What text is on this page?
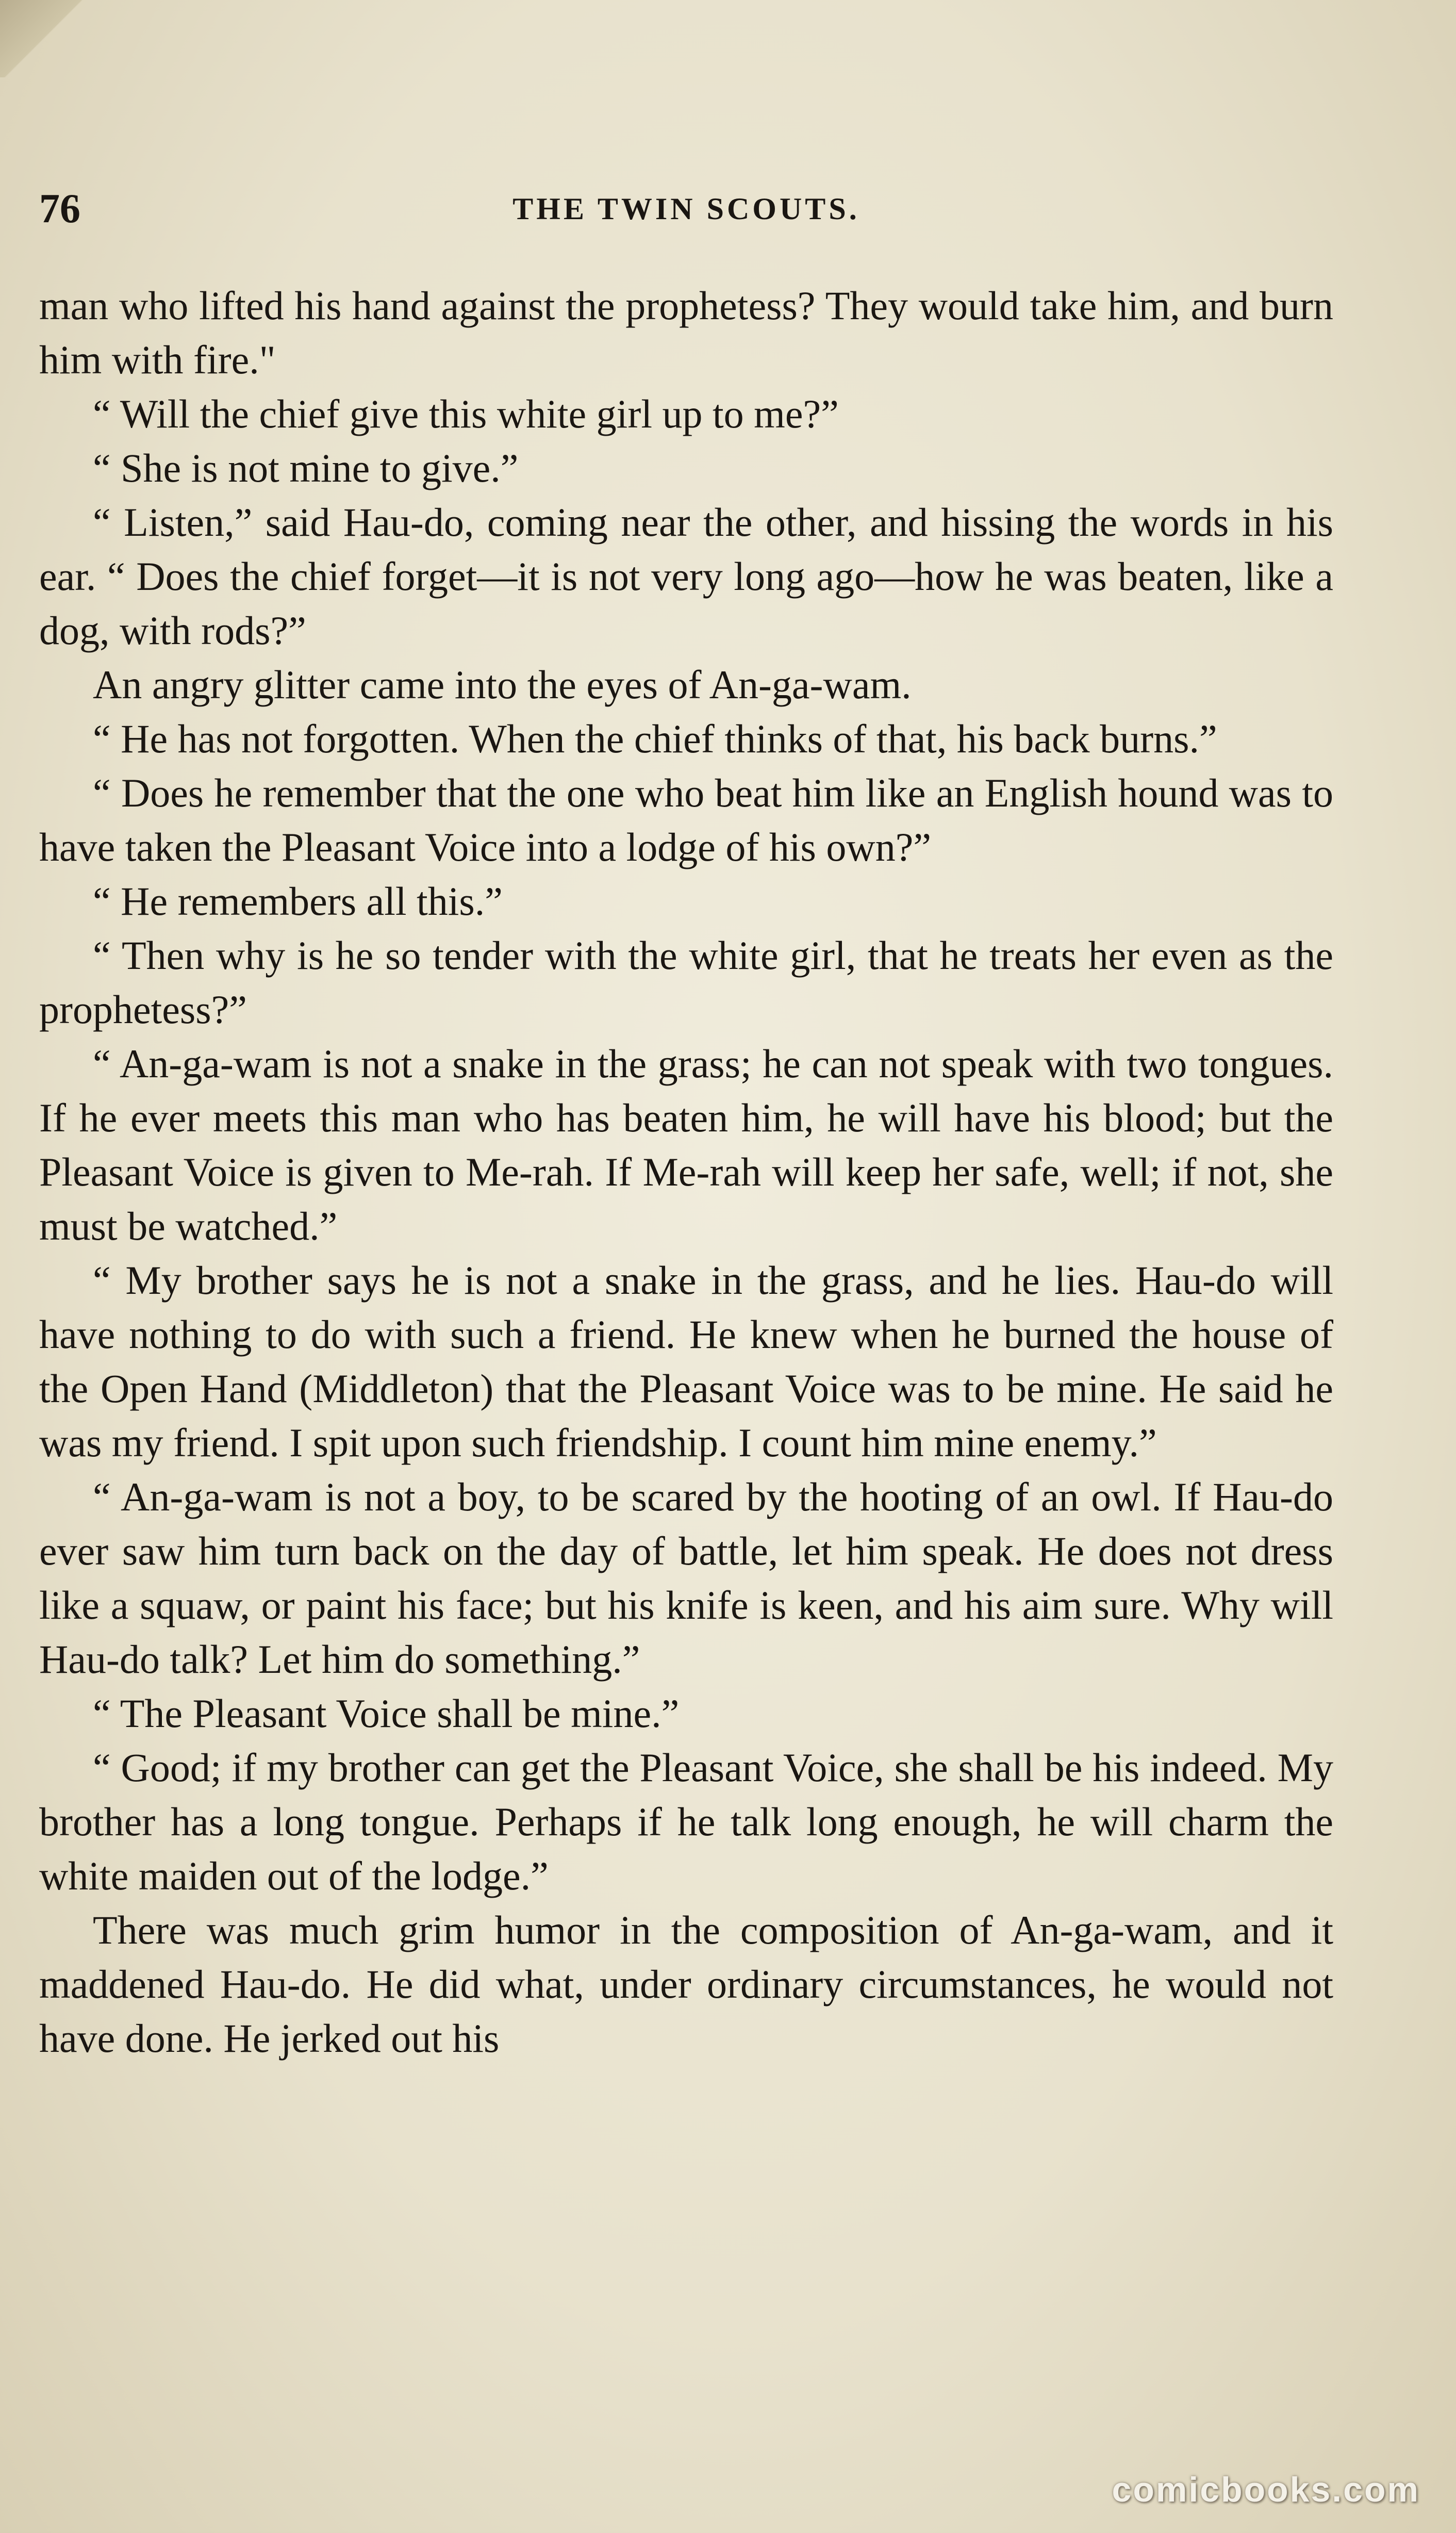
76	THE TWIN SCOUTS.

man who lifted his hand against the prophetess? They would take him, and burn him with fire."

“ Will the chief give this white girl up to me?”

“ She is not mine to give.”

“ Listen,” said Hau-do, coming near the other, and hissing the words in his ear. “ Does the chief forget—it is not very long ago—how he was beaten, like a dog, with rods?”

An angry glitter came into the eyes of An-ga-wam.

“ He has not forgotten. When the chief thinks of that, his back burns.”

“ Does he remember that the one who beat him like an English hound was to have taken the Pleasant Voice into a lodge of his own?”

“ He remembers all this.”

“ Then why is he so tender with the white girl, that he treats her even as the prophetess?”

“ An-ga-wam is not a snake in the grass; he can not speak with two tongues. If he ever meets this man who has beaten him, he will have his blood; but the Pleasant Voice is given to Me-rah. If Me-rah will keep her safe, well; if not, she must be watched.”

“ My brother says he is not a snake in the grass, and he lies. Hau-do will have nothing to do with such a friend. He knew when he burned the house of the Open Hand (Middleton) that the Pleasant Voice was to be mine. He said he was my friend. I spit upon such friendship. I count him mine enemy.”

“ An-ga-wam is not a boy, to be scared by the hooting of an owl. If Hau-do ever saw him turn back on the day of battle, let him speak. He does not dress like a squaw, or paint his face; but his knife is keen, and his aim sure. Why will Hau-do talk? Let him do something.”

“ The Pleasant Voice shall be mine.”

“ Good; if my brother can get the Pleasant Voice, she shall be his indeed. My brother has a long tongue. Perhaps if he talk long enough, he will charm the white maiden out of the lodge.”

There was much grim humor in the composition of An-ga-wam, and it maddened Hau-do. He did what, under ordinary circumstances, he would not have done. He jerked out his

comicbooks.com
